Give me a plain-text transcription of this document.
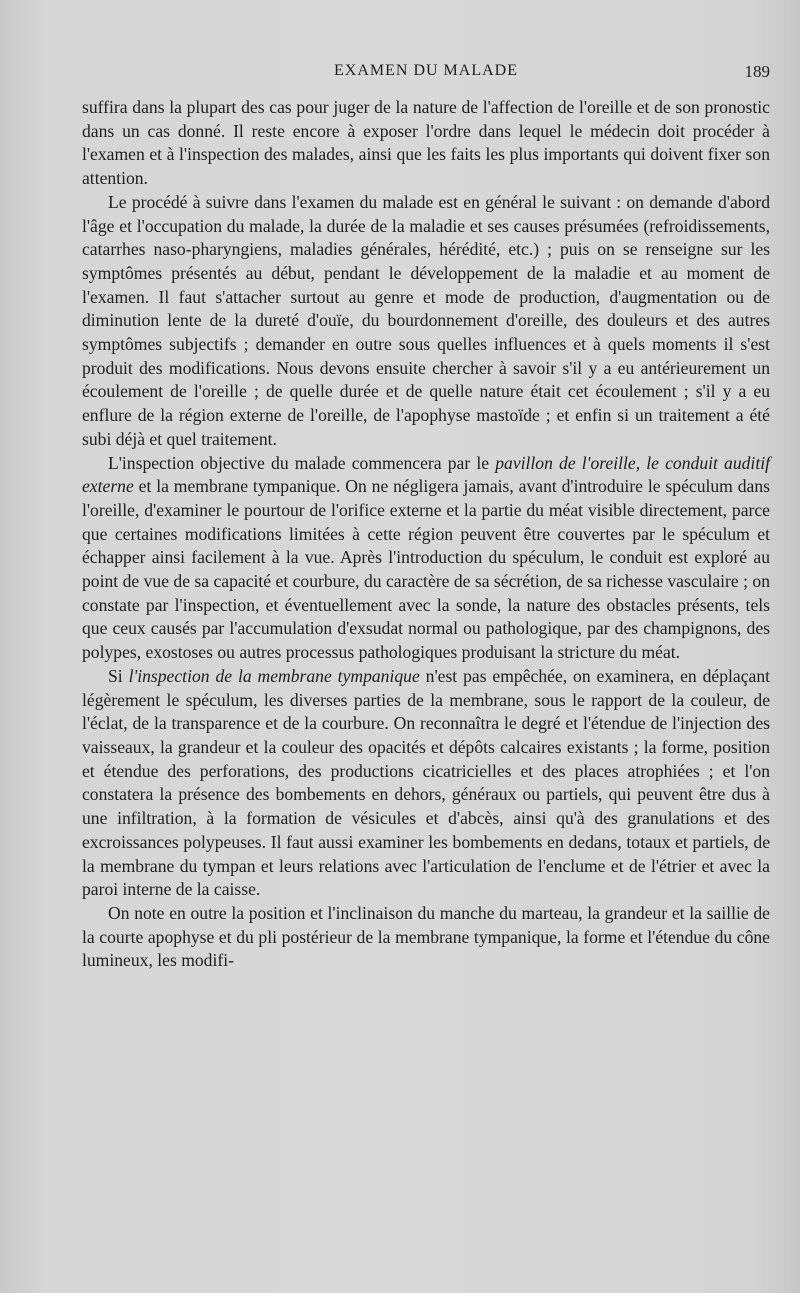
EXAMEN DU MALADE	189

suffira dans la plupart des cas pour juger de la nature de l'affection de l'oreille et de son pronostic dans un cas donné. Il reste encore à exposer l'ordre dans lequel le médecin doit procéder à l'examen et à l'inspection des malades, ainsi que les faits les plus importants qui doivent fixer son attention.

Le procédé à suivre dans l'examen du malade est en général le suivant : on demande d'abord l'âge et l'occupation du malade, la durée de la maladie et ses causes présumées (refroidissements, catarrhes naso-pharyngiens, maladies générales, hérédité, etc.) ; puis on se renseigne sur les symptômes présentés au début, pendant le développement de la maladie et au moment de l'examen. Il faut s'attacher surtout au genre et mode de production, d'augmentation ou de diminution lente de la dureté d'ouïe, du bourdonnement d'oreille, des douleurs et des autres symptômes subjectifs ; demander en outre sous quelles influences et à quels moments il s'est produit des modifications. Nous devons ensuite chercher à savoir s'il y a eu antérieurement un écoulement de l'oreille ; de quelle durée et de quelle nature était cet écoulement ; s'il y a eu enflure de la région externe de l'oreille, de l'apophyse mastoïde ; et enfin si un traitement a été subi déjà et quel traitement.

L'inspection objective du malade commencera par le pavillon de l'oreille, le conduit auditif externe et la membrane tympanique. On ne négligera jamais, avant d'introduire le spéculum dans l'oreille, d'examiner le pourtour de l'orifice externe et la partie du méat visible directement, parce que certaines modifications limitées à cette région peuvent être couvertes par le spéculum et échapper ainsi facilement à la vue. Après l'introduction du spéculum, le conduit est exploré au point de vue de sa capacité et courbure, du caractère de sa sécrétion, de sa richesse vasculaire ; on constate par l'inspection, et éventuellement avec la sonde, la nature des obstacles présents, tels que ceux causés par l'accumulation d'exsudat normal ou pathologique, par des champignons, des polypes, exostoses ou autres processus pathologiques produisant la stricture du méat.

Si l'inspection de la membrane tympanique n'est pas empêchée, on examinera, en déplaçant légèrement le spéculum, les diverses parties de la membrane, sous le rapport de la couleur, de l'éclat, de la transparence et de la courbure. On reconnaîtra le degré et l'étendue de l'injection des vaisseaux, la grandeur et la couleur des opacités et dépôts calcaires existants ; la forme, position et étendue des perforations, des productions cicatricielles et des places atrophiées ; et l'on constatera la présence des bombements en dehors, généraux ou partiels, qui peuvent être dus à une infiltration, à la formation de vésicules et d'abcès, ainsi qu'à des granulations et des excroissances polypeuses. Il faut aussi examiner les bombements en dedans, totaux et partiels, de la membrane du tympan et leurs relations avec l'articulation de l'enclume et de l'étrier et avec la paroi interne de la caisse.

On note en outre la position et l'inclinaison du manche du marteau, la grandeur et la saillie de la courte apophyse et du pli postérieur de la membrane tympanique, la forme et l'étendue du cône lumineux, les modifi-
